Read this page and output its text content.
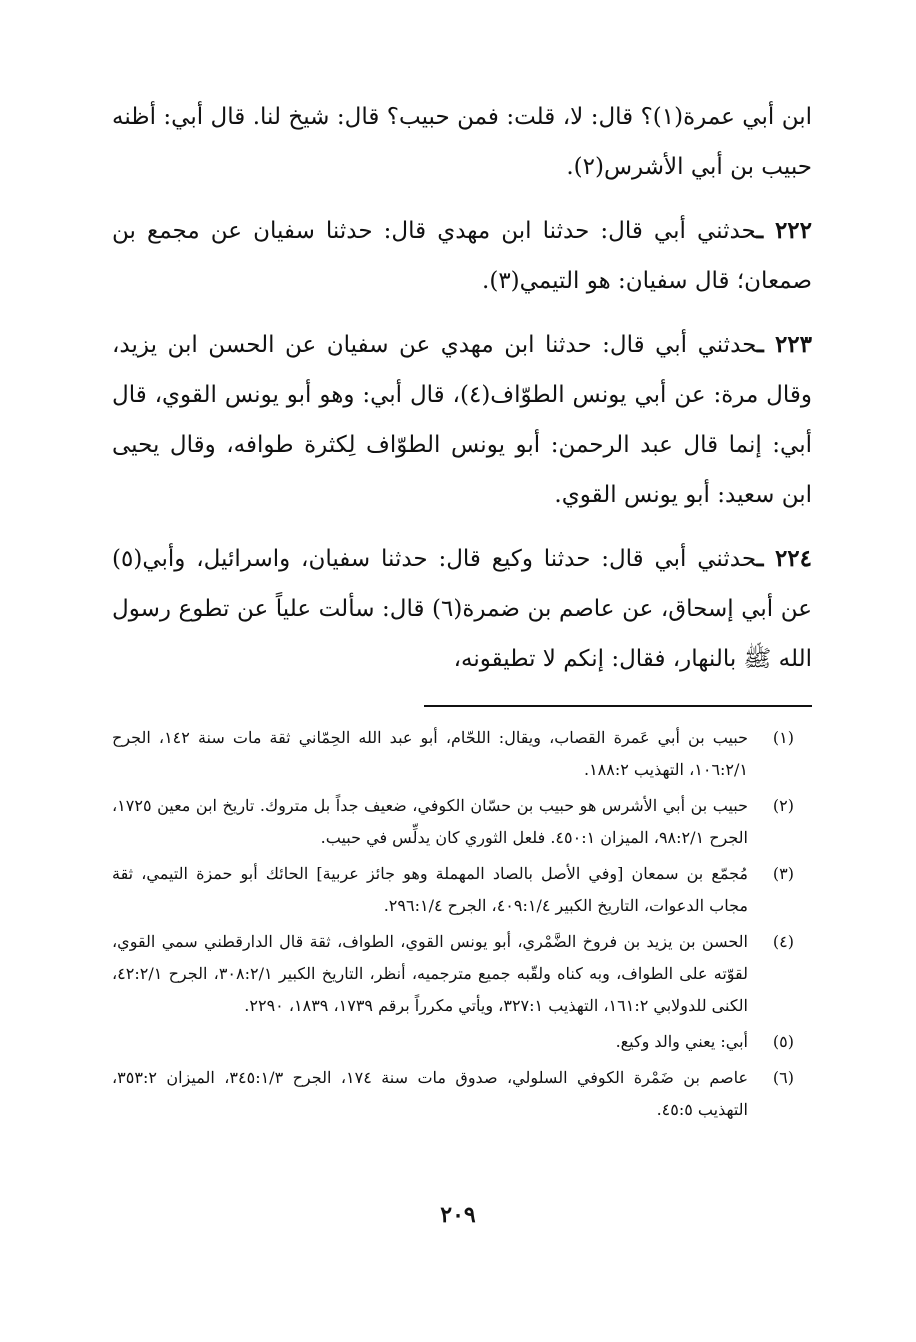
ابن أبي عمرة(١)؟ قال: لا، قلت: فمن حبيب؟ قال: شيخ لنا. قال أبي: أظنه حبيب بن أبي الأشرس(٢).

٢٢٢ ـحدثني أبي قال: حدثنا ابن مهدي قال: حدثنا سفيان عن مجمع بن صمعان؛ قال سفيان: هو التيمي(٣).

٢٢٣ ـحدثني أبي قال: حدثنا ابن مهدي عن سفيان عن الحسن ابن يزيد، وقال مرة: عن أبي يونس الطوّاف(٤)، قال أبي: وهو أبو يونس القوي، قال أبي: إنما قال عبد الرحمن: أبو يونس الطوّاف لِكثرة طوافه، وقال يحيى ابن سعيد: أبو يونس القوي.

٢٢٤ ـحدثني أبي قال: حدثنا وكيع قال: حدثنا سفيان، واسرائيل، وأبي(٥) عن أبي إسحاق، عن عاصم بن ضمرة(٦) قال: سألت علياً عن تطوع رسول الله ﷺ بالنهار، فقال: إنكم لا تطيقونه،

(١)
حبيب بن أبي عَمرة القصاب، ويقال: اللحّام، أبو عبد الله الحِمّاني ثقة مات سنة ١٤٢، الجرح ١٠٦:٢/١، التهذيب ١٨٨:٢.
(٢)
حبيب بن أبي الأشرس هو حبيب بن حسّان الكوفي، ضعيف جداً بل متروك. تاريخ ابن معين ١٧٢٥، الجرح ٩٨:٢/١، الميزان ٤٥٠:١. فلعل الثوري كان يدلِّس في حبيب.
(٣)
مُجمّع بن سمعان [وفي الأصل بالصاد المهملة وهو جائز عربية] الحائك أبو حمزة التيمي، ثقة مجاب الدعوات، التاريخ الكبير ٤٠٩:١/٤، الجرح ٢٩٦:١/٤.
(٤)
الحسن بن يزيد بن فروخ الضَّمْري، أبو يونس القوي، الطواف، ثقة قال الدارقطني سمي القوي، لقوّته على الطواف، وبه كناه ولقّبه جميع مترجميه، أنظر، التاريخ الكبير ٣٠٨:٢/١، الجرح ٤٢:٢/١، الكنى للدولابي ١٦١:٢، التهذيب ٣٢٧:١، ويأتي مكرراً برقم ١٧٣٩، ١٨٣٩، ٢٢٩٠.
(٥)
أبي: يعني والد وكيع.
(٦)
عاصم بن ضَمْرة الكوفي السلولي، صدوق مات سنة ١٧٤، الجرح ٣٤٥:١/٣، الميزان ٣٥٣:٢، التهذيب ٤٥:٥.
٢٠٩
